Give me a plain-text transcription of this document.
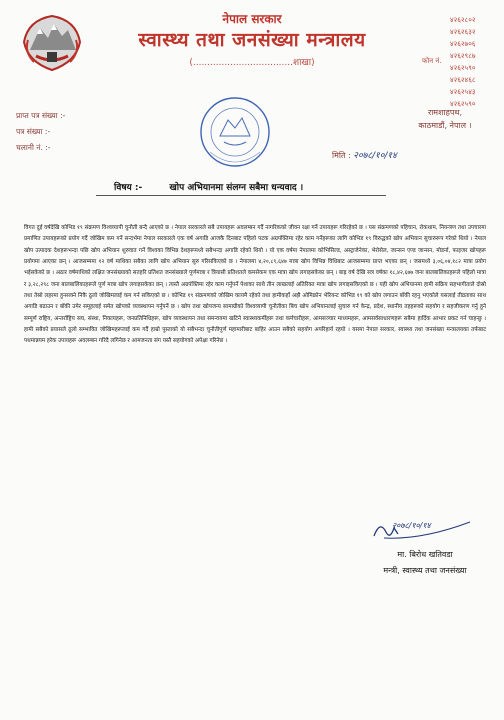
नेपाल सरकार
स्वास्थ्य तथा जनसंख्या मन्त्रालय
(...................................शाखा)	फोन नं.
४२६२८०२
४२६२६३२
४२६२७०६
४२६२९८७
४२६२५९०
४२६२४६८
४२६२५४३
४२६२५९०
प्राप्त पत्र संख्या :-
पत्र संख्या :-
चलानी नं. :-
रामशाहपथ,
काठमाडौं, नेपाल ।
मिति : २०७८/१०/१४
विषय :-	खोप अभियानमा संलग्न सबैमा धन्यवाद ।
विगत दुई वर्षदेखि कोभिड १९ संक्रमण विश्वव्यापी चुनौती बन्दै आएको छ । नेपाल सरकारले सबै उपायहरू अवलम्बन गर्दै नागरिकको जीवन रक्षा गर्ने उपायहरू गरिरहेको छ । यस संक्रमणको पहिचान, रोकथाम, नियन्त्रण तथा उपचारमा प्रमाणित उपायहरूको प्रयोग गर्दै जोखिम कम गर्ने सन्दर्भमा नेपाल सरकारले एक वर्ष अगाडि आजकै दिनबाट पहिलो पटक अग्रपंक्तिमा रहेर काम गर्नेहरूका लागि कोभिड १९ विरुद्धको खोप अभियान सुचारुरूप गरेको थियो । नेपाल खोप उत्पादक देशहरूभन्दा पछि खोप अभियान शुरुवात गर्ने विश्वका विभिन्न देशहरूमध्ये सबैभन्दा अगाडि रहेको थियो । यो एक वर्षमा नेपालमा कोभिसिल्ड, अस्ट्राजेनेका, भेरोसेल, जान्सन एण्ड जान्सन, मोडर्ना, फाइजर खोपहरू प्रयोगमा आएका छन् । आजसम्ममा १२ वर्ष माथिका सबैका लागि खोप अभियान सुरु गरिसकिएको छ । नेपालमा ४,२०,८९,६४७ मात्रा खोप विभिन्न विधिबाट आजसम्ममा प्राप्त भएका छन् । जसमध्ये ३,०६,०४,१८२ मात्रा प्रयोग भईसकेको छ । अठार वर्षमाथिको लक्षित जनसंख्याको सतहरि प्रतिशत जनसंख्याले पूर्णमात्रा र त्रियासी प्रतिशतले कमसेकम एक मात्रा खोप लगाइसकेका छन् । बाह्र वर्ष देखि सत्र वर्षका १८,४२,६७७ जना बालबालिकाहरूले पहिलो मात्रा र ३,२८,२९८ जना बालबालिकाहरूले पूर्ण मात्रा खोप लगाइसकेका छन् । त्यस्तै अग्रपंक्तिमा रहेर काम गर्नुपर्ने पेशाका साथै तीन लाखलाई अतिरिक्त मात्रा खोप लगाइसकिएको छ । यही खोप अभियानमा हामी सक्रिय सहभागीताले दोस्रो तथा तेस्रो लहरमा हुनसक्ने निकै ठूलो जोखिमलाई कम गर्न सकिएको छ । कोभिड १९ संक्रमणको जोखिम कायमै रहेको तथा हामीकहाँ अझै ओमिक्रोन भेरियन्ट कोभिड १९ को खोप लगाउन बाँकी रहनु भएकोले यसलाई तीव्रताका साथ अगाडि बढाउन र बाँकी उमेर समूहलाई समेत खोपको व्यवस्थापन गर्नुपर्ने छ । खोप तथा खोपजन्य सामाग्रीको विश्वव्यापी चुनौतीका बिच खोप अभियानलाई सुचारु गर्न केन्द्र, प्रदेश, स्थानीय तहहरूको सहयोग र सहजीकरण गर्नु हुने सम्पूर्ण राष्ट्रिय, अन्तर्राष्ट्रिय सघ, संस्था, निकायहरू, जनप्रतिनिधिहरू, खोप व्यवस्थापन तथा समन्वयमा खटिने स्वास्थ्यकर्मीहरू तथा कर्मचारीहरू, आमसञ्चार माध्यमहरू, आमसर्वसाधारणहरू सबैमा हार्दिक आभार प्रकट गर्न चाहन्छु । हामी सबैको प्रयासले ठूलो सम्भावित जोखिमहरूलाई कम गर्दै हाम्रो पुस्ताको यो सबैभन्दा चुनौतीपूर्ण महामारीबाट बाहिर आउन सबैको सहयोग अपरिहार्य रहयो । यसमा नेपाल सरकार, स्वास्थ्य तथा जनसंख्या मन्त्रालयका तर्फबाट पथमान्नयम हरेक उपायहरू अवलम्बन गरिदै लगिनेछ र आमजनता संग यस्तै सहयोगको अपेक्षा गरिनेछ ।
२०७८/१०/१४
मा. बिरोध खतिवडा
मन्त्री, स्वास्थ्य तथा जनसंख्या
